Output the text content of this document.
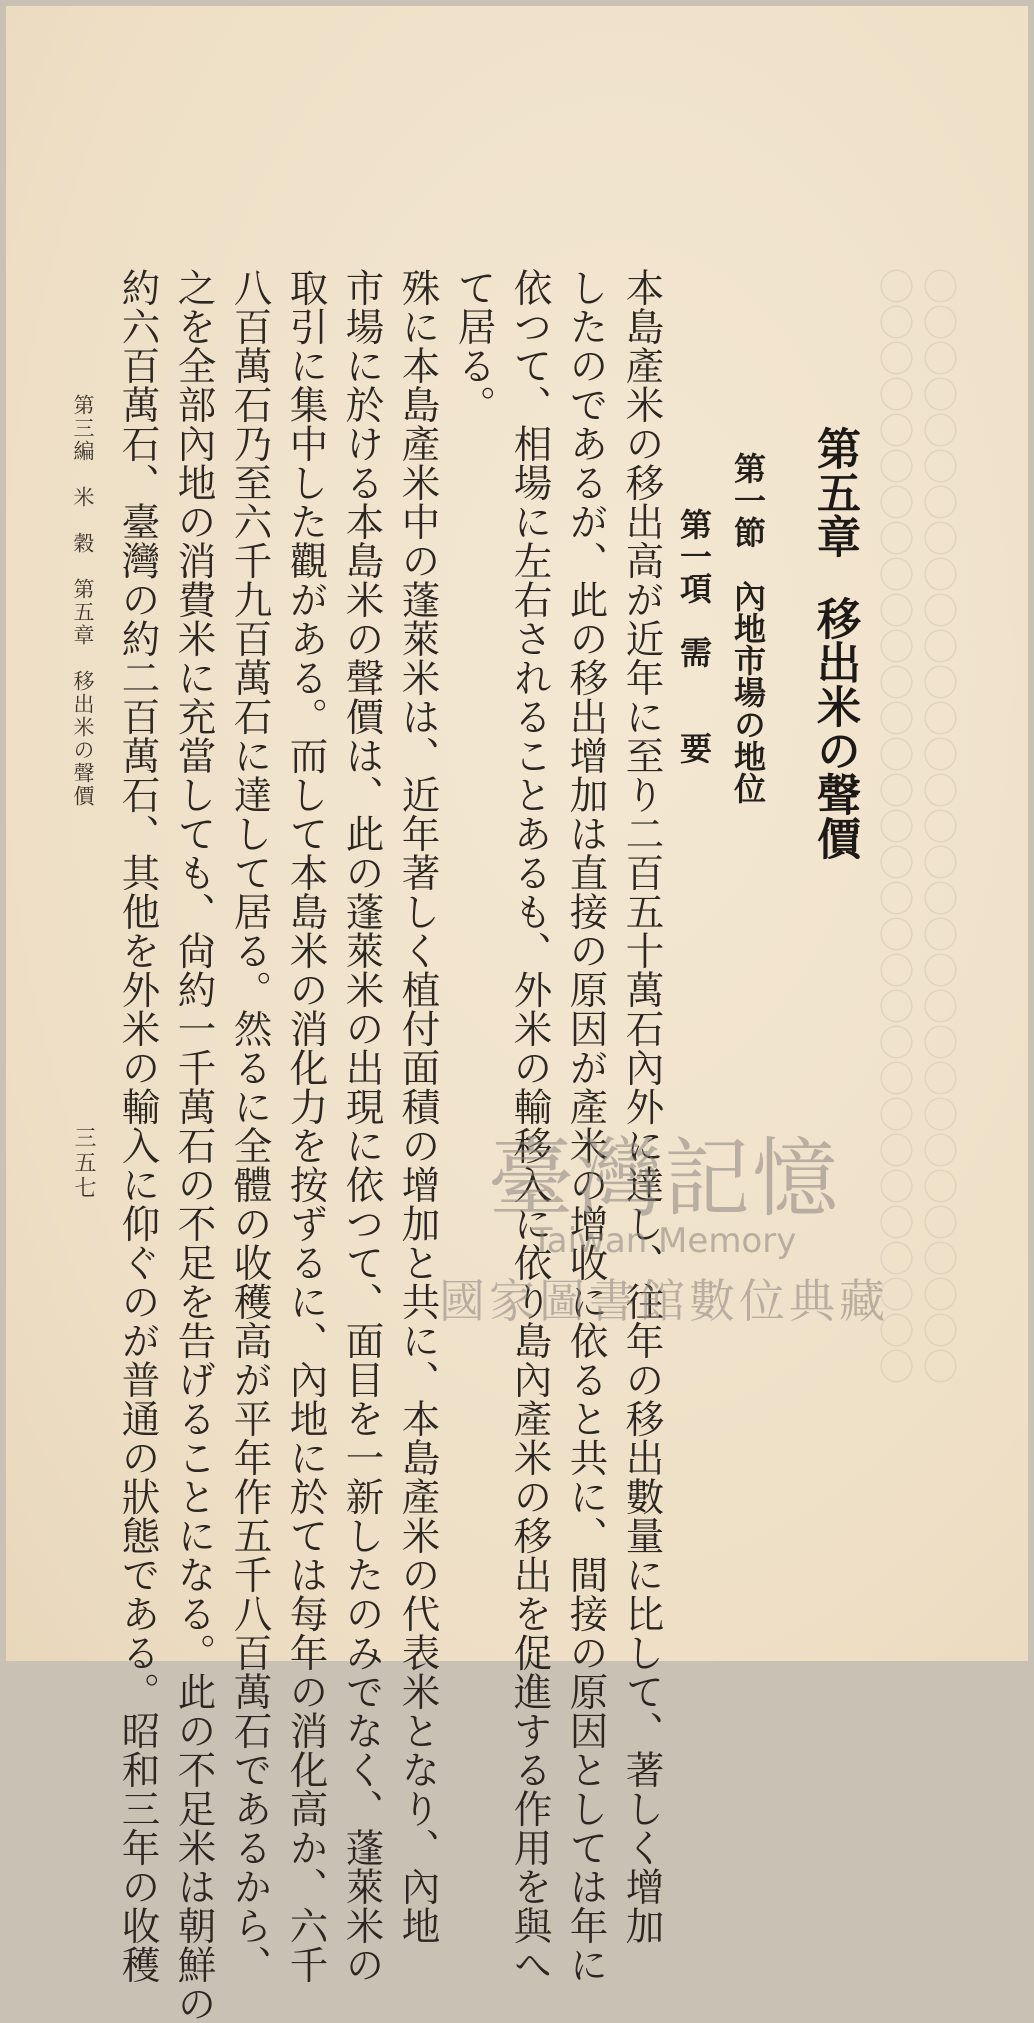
〇〇〇〇〇〇〇〇〇〇〇〇〇〇〇〇〇〇〇〇〇〇〇〇〇〇〇〇〇〇〇 〇〇〇〇〇〇〇〇〇〇〇〇〇〇〇〇〇〇〇〇〇〇〇〇〇〇〇〇〇〇〇
第五章移出米の聲價
第一節　內地市場の地位
第一項　需　　要
本島產米の移出高が近年に至り二百五十萬石內外に達し、往年の移出數量に比して、著しく增加
したのであるが、此の移出增加は直接の原因が產米の增收に依ると共に、間接の原因としては年に
依つて、相場に左右されることあるも、外米の輸移入に依り島內產米の移出を促進する作用を與へ
て居る。
殊に本島產米中の蓬萊米は、近年著しく植付面積の增加と共に、本島產米の代表米となり、內地
市場に於ける本島米の聲價は、此の蓬萊米の出現に依つて、面目を一新したのみでなく、蓬萊米の
取引に集中した觀がある。而して本島米の消化力を按ずるに、內地に於ては每年の消化高か、六千
八百萬石乃至六千九百萬石に達して居る。然るに全體の收穫高が平年作五千八百萬石であるから、
之を全部內地の消費米に充當しても、尙約一千萬石の不足を告げることになる。此の不足米は朝鮮の
約六百萬石、臺灣の約二百萬石、其他を外米の輸入に仰ぐのが普通の狀態である。昭和三年の收穫
第三編　米　穀　第五章　移出米の聲價
三五七	臺灣記憶
Taiwan Memory
國家圖書館數位典藏
